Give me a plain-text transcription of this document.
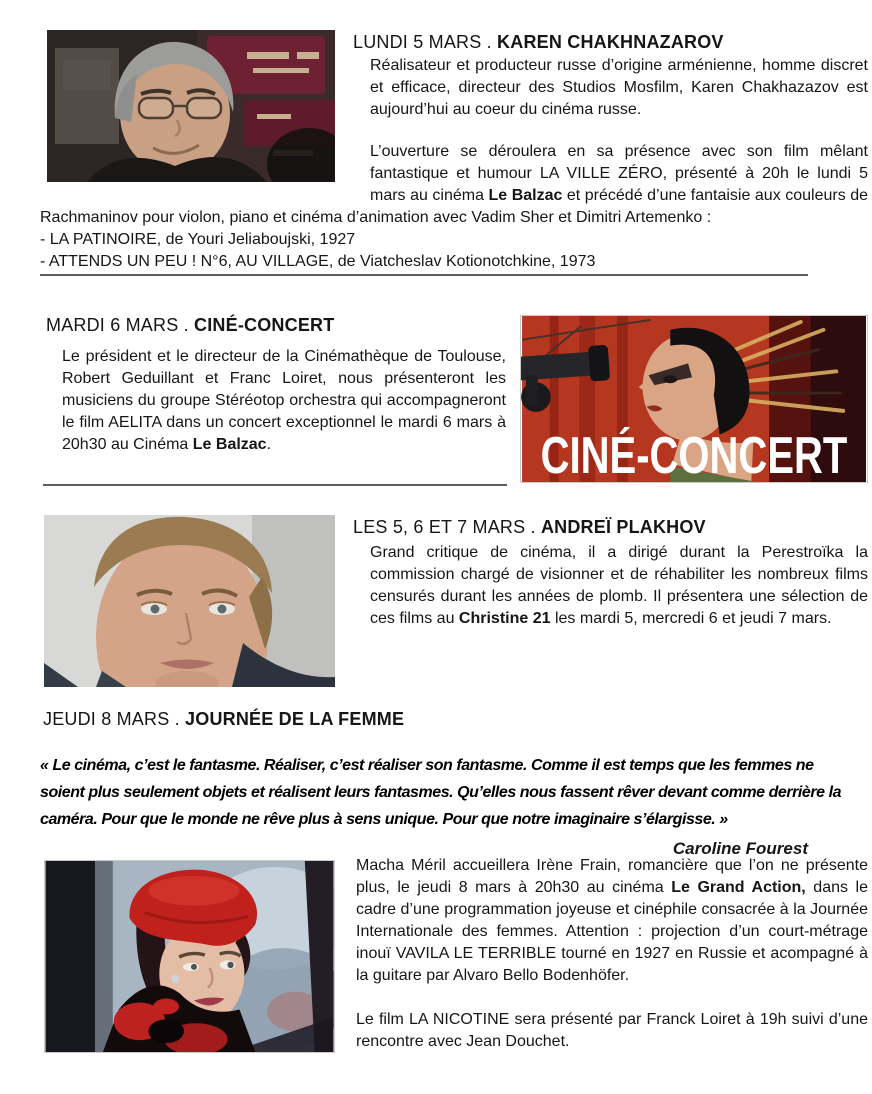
LUNDI 5 MARS . KAREN CHAKHNAZAROV

Réalisateur et producteur russe d’origine arménienne, homme discret et efficace, directeur des Studios Mosfilm, Karen Chakhazazov est aujourd’hui au coeur du cinéma russe.

L’ouverture se déroulera en sa présence avec son film mêlant fantastique et humour LA VILLE ZÉRO, présenté à 20h le lundi 5 mars au cinéma Le Balzac et précédé d’une fantaisie aux couleurs de Rachmaninov pour violon, piano et cinéma d’animation avec Vadim Sher et Dimitri Artemenko :

- LA PATINOIRE, de Youri Jeliaboujski, 1927
- ATTENDS UN PEU ! N°6, AU VILLAGE, de Viatcheslav Kotionotchkine, 1973
MARDI 6 MARS . CINÉ-CONCERT

Le président et le directeur de la Cinémathèque de Toulouse, Robert Geduillant et Franc Loiret, nous présenteront les musiciens du groupe Stéréotop orchestra qui accompagneront le film AELITA dans un concert exceptionnel le mardi 6 mars à 20h30 au Cinéma Le Balzac.	CINÉ-CONCERT
LES 5, 6 ET 7 MARS . ANDREÏ PLAKHOV

Grand critique de cinéma, il a dirigé durant la Perestroïka la commission chargé de visionner et de réhabiliter les nombreux films censurés durant les années de plomb. Il présentera une sélection de ces films au Christine 21 les mardi 5, mercredi 6 et jeudi 7 mars.

JEUDI 8 MARS . JOURNÉE DE LA FEMME
« Le cinéma, c’est le fantasme. Réaliser, c’est réaliser son fantasme. Comme il est temps que les femmes ne soient plus seulement objets et réalisent leurs fantasmes. Qu’elles nous fassent rêver devant comme derrière la caméra. Pour que le monde ne rêve plus à sens unique. Pour que notre imaginaire s’élargisse. »
Caroline Fourest

Macha Méril accueillera Irène Frain, romancière que l’on ne présente plus, le jeudi 8 mars à 20h30 au cinéma Le Grand Action, dans le cadre d’une programmation joyeuse et cinéphile consacrée à la Journée Internationale des femmes. Attention : projection d’un court-métrage inouï VAVILA LE TERRIBLE tourné en 1927 en Russie et acompagné à la guitare par Alvaro Bello Bodenhöfer.

Le film LA NICOTINE sera présenté par Franck Loiret à 19h suivi d’une rencontre avec Jean Douchet.
